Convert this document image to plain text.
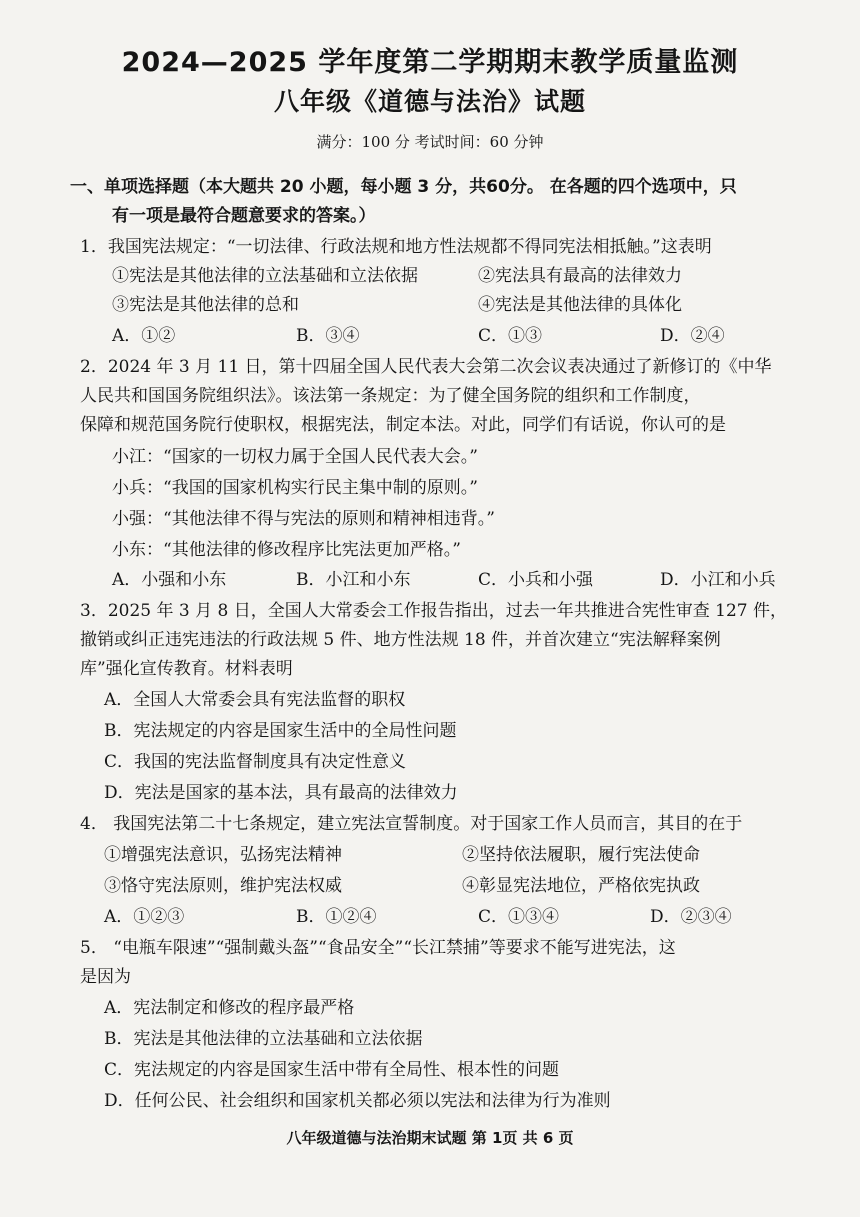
2024—2025 学年度第二学期期末教学质量监测
八年级《道德与法治》试题
满分：100 分 考试时间：60 分钟
一、单项选择题（本大题共 20 小题，每小题 3 分，共60分。 在各题的四个选项中，只
有一项是最符合题意要求的答案。）
1．我国宪法规定：“一切法律、行政法规和地方性法规都不得同宪法相抵触。”这表明
①宪法是其他法律的立法基础和立法依据	②宪法具有最高的法律效力
③宪法是其他法律的总和	④宪法是其他法律的具体化
A．①②	B．③④	C．①③	D．②④
2．2024 年 3 月 11 日，第十四届全国人民代表大会第二次会议表决通过了新修订的《中华
人民共和国国务院组织法》。该法第一条规定：为了健全国务院的组织和工作制度，
保障和规范国务院行使职权，根据宪法，制定本法。对此，同学们有话说，你认可的是
小江：“国家的一切权力属于全国人民代表大会。”
小兵：“我国的国家机构实行民主集中制的原则。”
小强：“其他法律不得与宪法的原则和精神相违背。”
小东：“其他法律的修改程序比宪法更加严格。”
A．小强和小东	B．小江和小东	C．小兵和小强	D．小江和小兵
3．2025 年 3 月 8 日，全国人大常委会工作报告指出，过去一年共推进合宪性审查 127 件，
撤销或纠正违宪违法的行政法规 5 件、地方性法规 18 件，并首次建立“宪法解释案例
库”强化宣传教育。材料表明
A．全国人大常委会具有宪法监督的职权
B．宪法规定的内容是国家生活中的全局性问题
C．我国的宪法监督制度具有决定性意义
D．宪法是国家的基本法，具有最高的法律效力
4． 我国宪法第二十七条规定，建立宪法宣誓制度。对于国家工作人员而言，其目的在于
①增强宪法意识，弘扬宪法精神	②坚持依法履职，履行宪法使命
③恪守宪法原则，维护宪法权威	④彰显宪法地位，严格依宪执政
A．①②③	B．①②④	C．①③④	D．②③④
5． “电瓶车限速”“强制戴头盔”“食品安全”“长江禁捕”等要求不能写进宪法，这
是因为
A．宪法制定和修改的程序最严格
B．宪法是其他法律的立法基础和立法依据
C．宪法规定的内容是国家生活中带有全局性、根本性的问题
D．任何公民、社会组织和国家机关都必须以宪法和法律为行为准则
八年级道德与法治期末试题 第 1页 共 6 页
